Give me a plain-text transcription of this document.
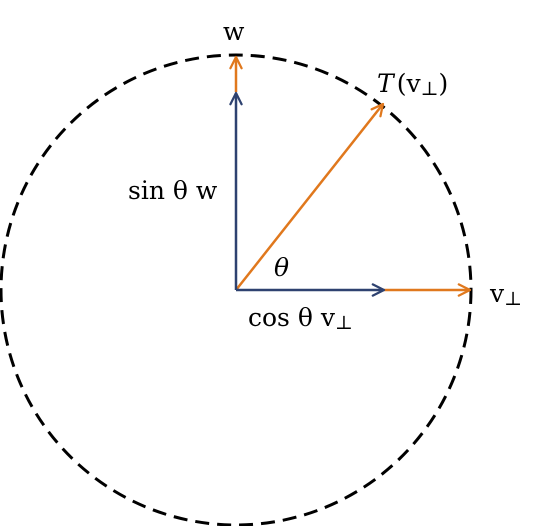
w
T (v⊥)
sin θ w
θ
cos θ v⊥
v⊥
